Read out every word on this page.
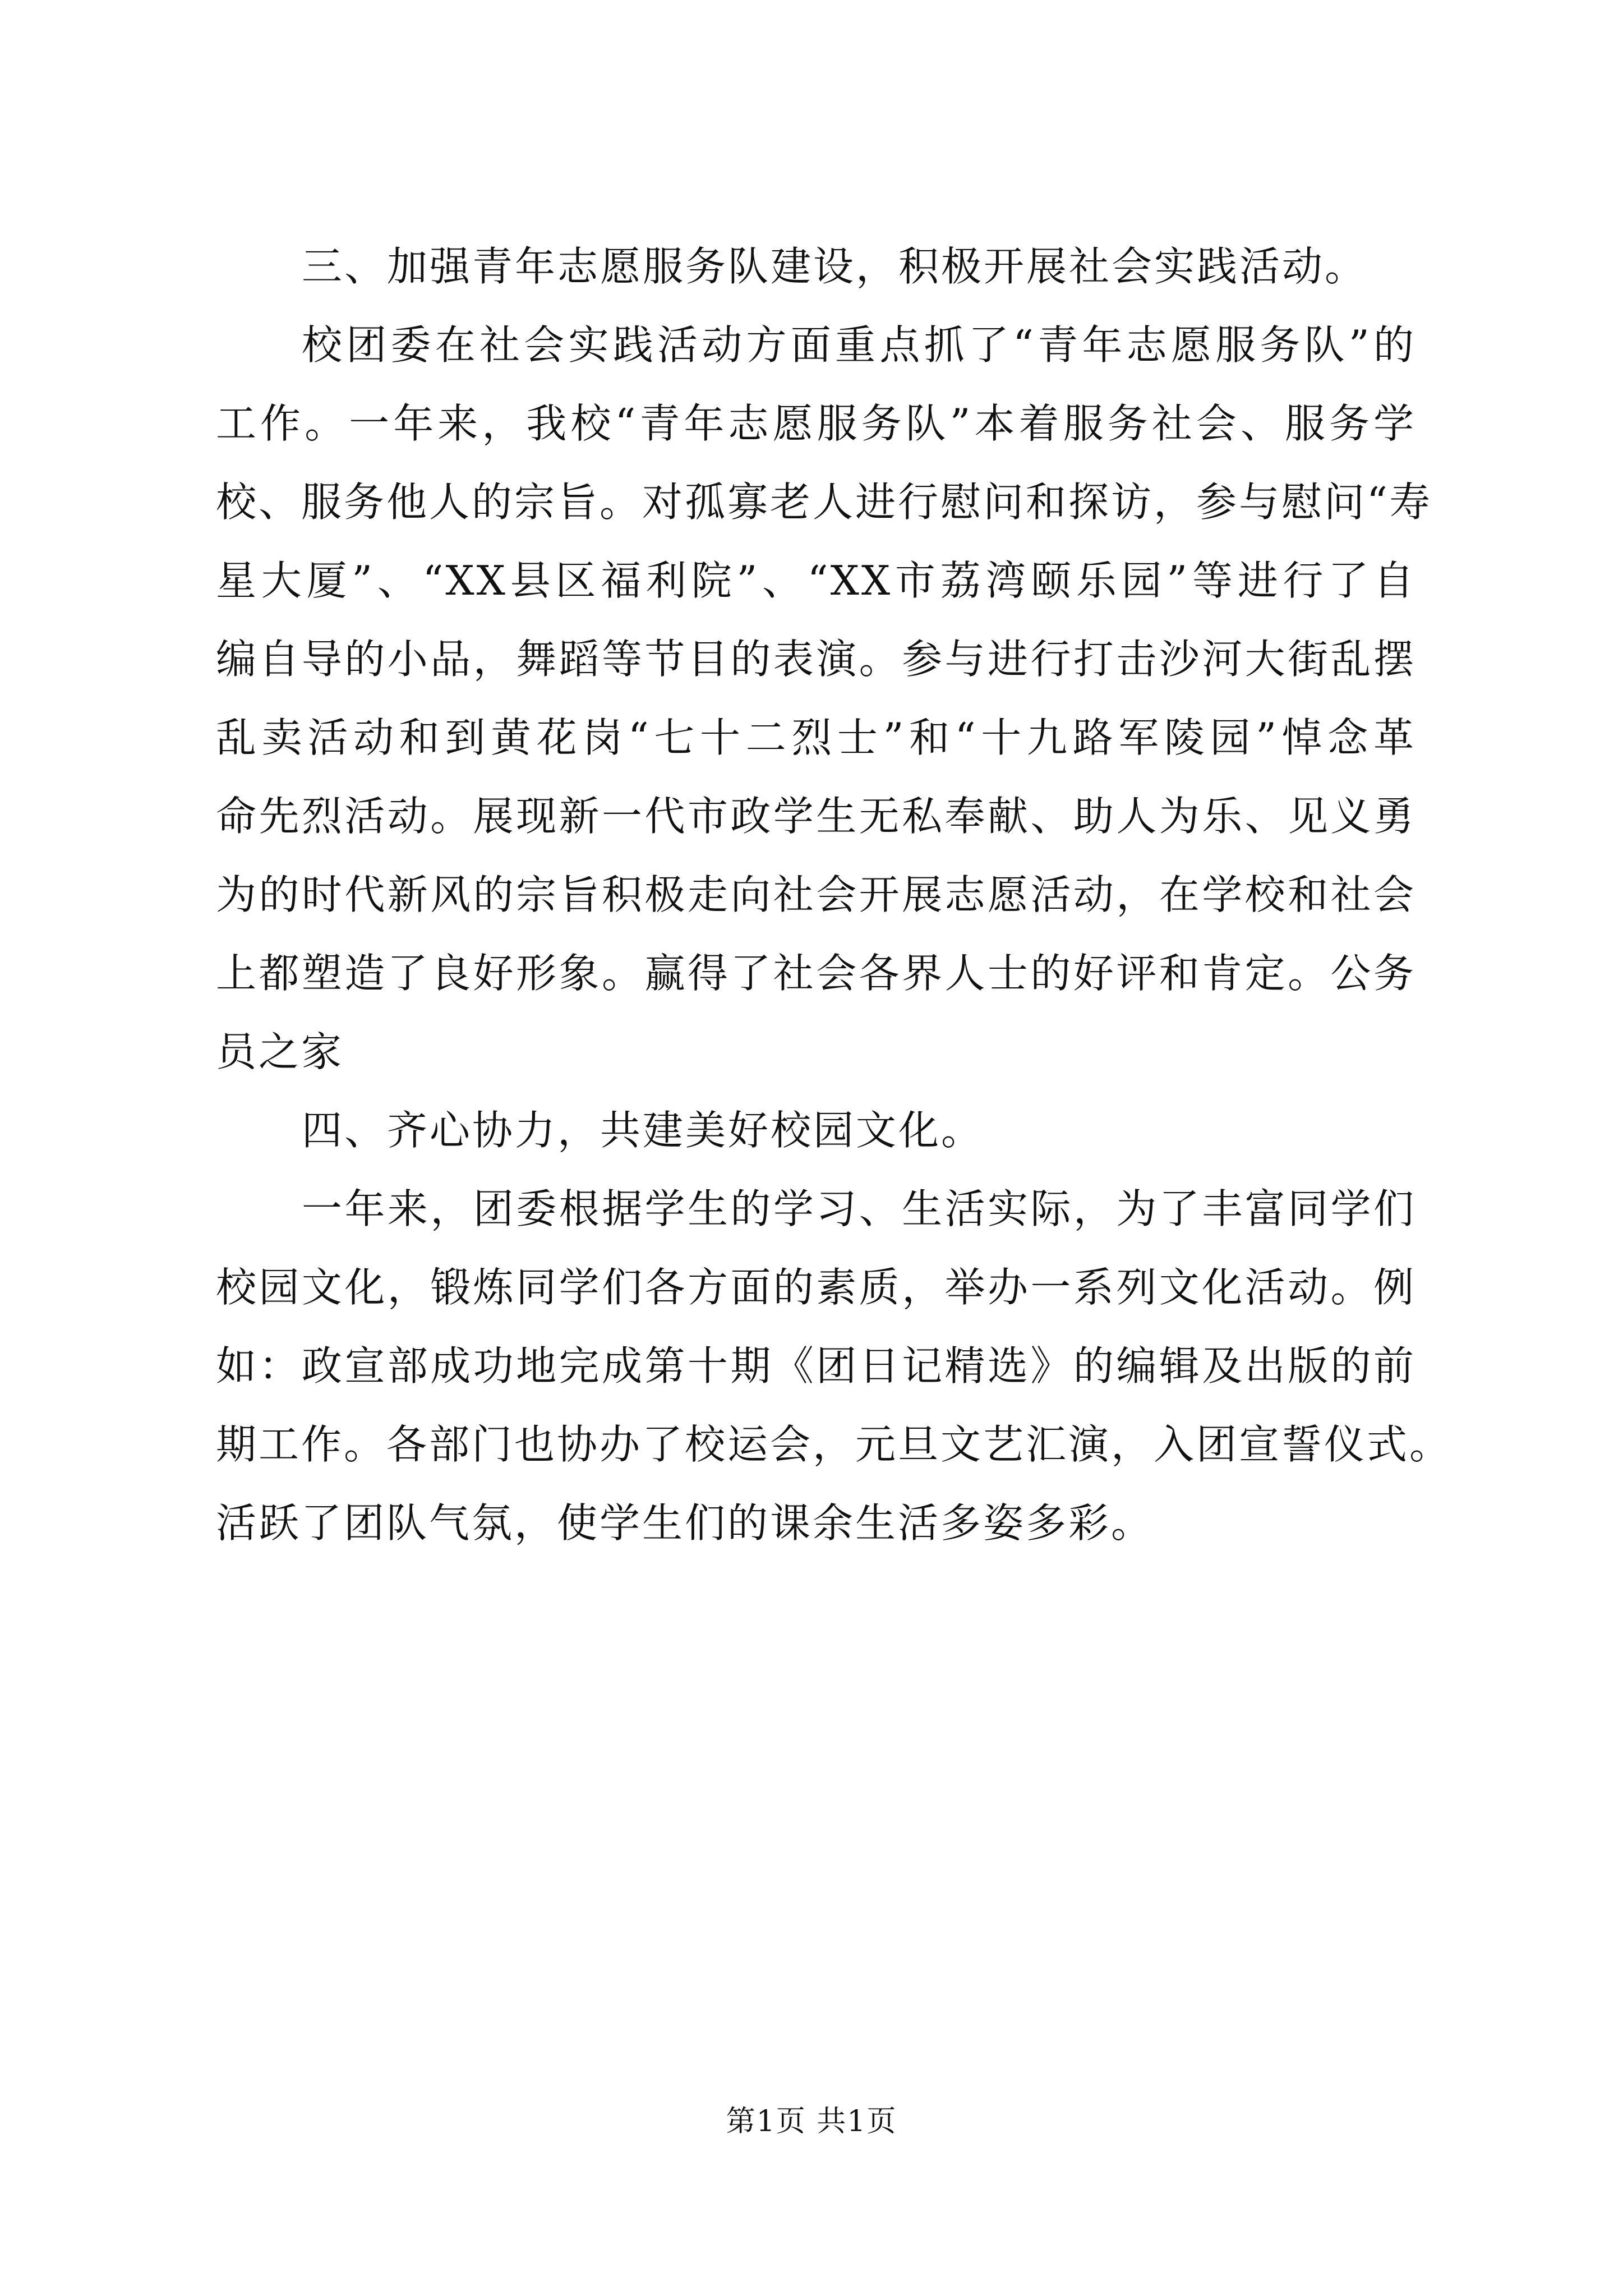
三、加强青年志愿服务队建设，积极开展社会实践活动。
校团委在社会实践活动方面重点抓了“青年志愿服务队”的
工作。一年来，我校“青年志愿服务队”本着服务社会、服务学
校、服务他人的宗旨。对孤寡老人进行慰问和探访，参与慰问“寿
星大厦”、“XX县区福利院”、“XX市荔湾颐乐园”等进行了自
编自导的小品，舞蹈等节目的表演。参与进行打击沙河大街乱摆
乱卖活动和到黄花岗“七十二烈士”和“十九路军陵园”悼念革
命先烈活动。展现新一代市政学生无私奉献、助人为乐、见义勇
为的时代新风的宗旨积极走向社会开展志愿活动，在学校和社会
上都塑造了良好形象。赢得了社会各界人士的好评和肯定。公务
员之家
四、齐心协力，共建美好校园文化。
一年来，团委根据学生的学习、生活实际，为了丰富同学们
校园文化，锻炼同学们各方面的素质，举办一系列文化活动。例
如：政宣部成功地完成第十期《团日记精选》的编辑及出版的前
期工作。各部门也协办了校运会，元旦文艺汇演，入团宣誓仪式。
活跃了团队气氛，使学生们的课余生活多姿多彩。
第1页 共1页
